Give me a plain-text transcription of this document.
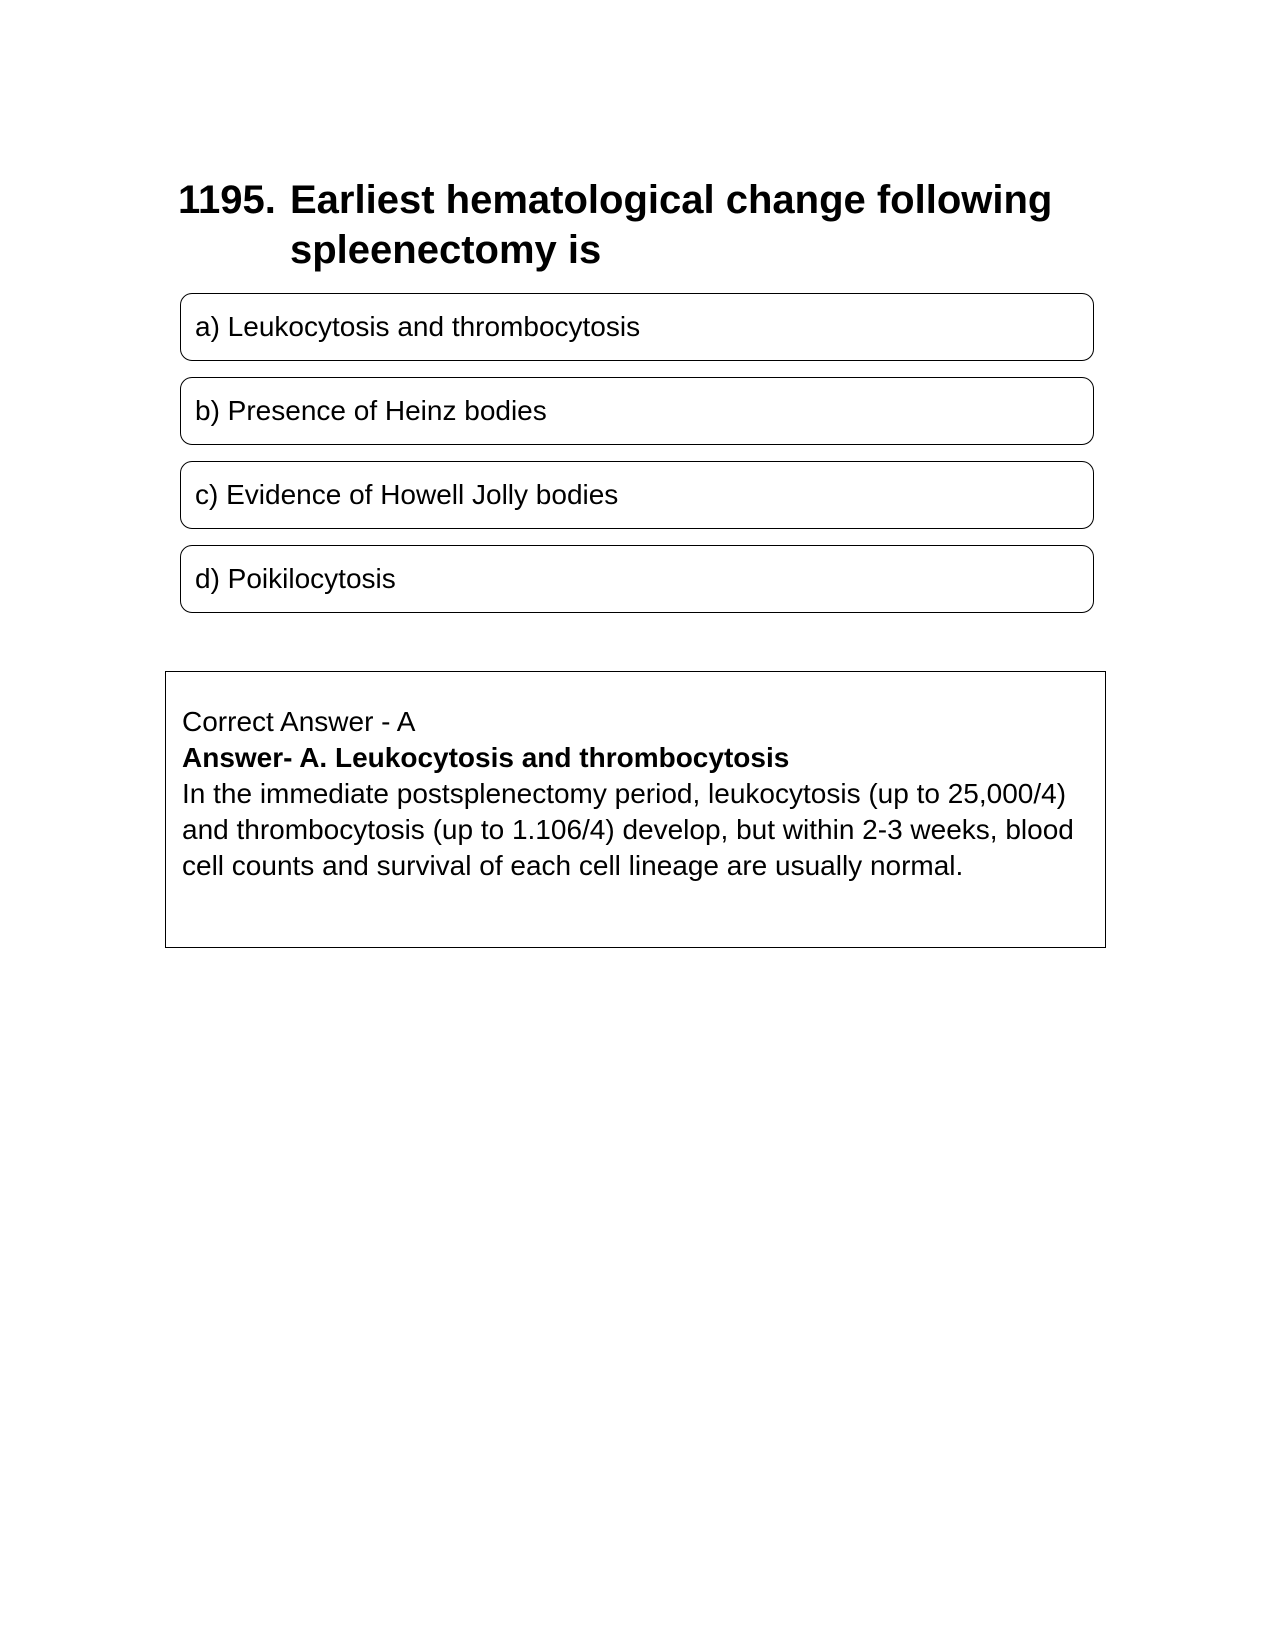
1195. Earliest hematological change following spleenectomy is
a) Leukocytosis and thrombocytosis
b) Presence of Heinz bodies
c) Evidence of Howell Jolly bodies
d) Poikilocytosis

Correct Answer - A

Answer- A. Leukocytosis and thrombocytosis

In the immediate postsplenectomy period, leukocytosis (up to 25,000/4) and thrombocytosis (up to 1.106/4) develop, but within 2-3 weeks, blood cell counts and survival of each cell lineage are usually normal.
